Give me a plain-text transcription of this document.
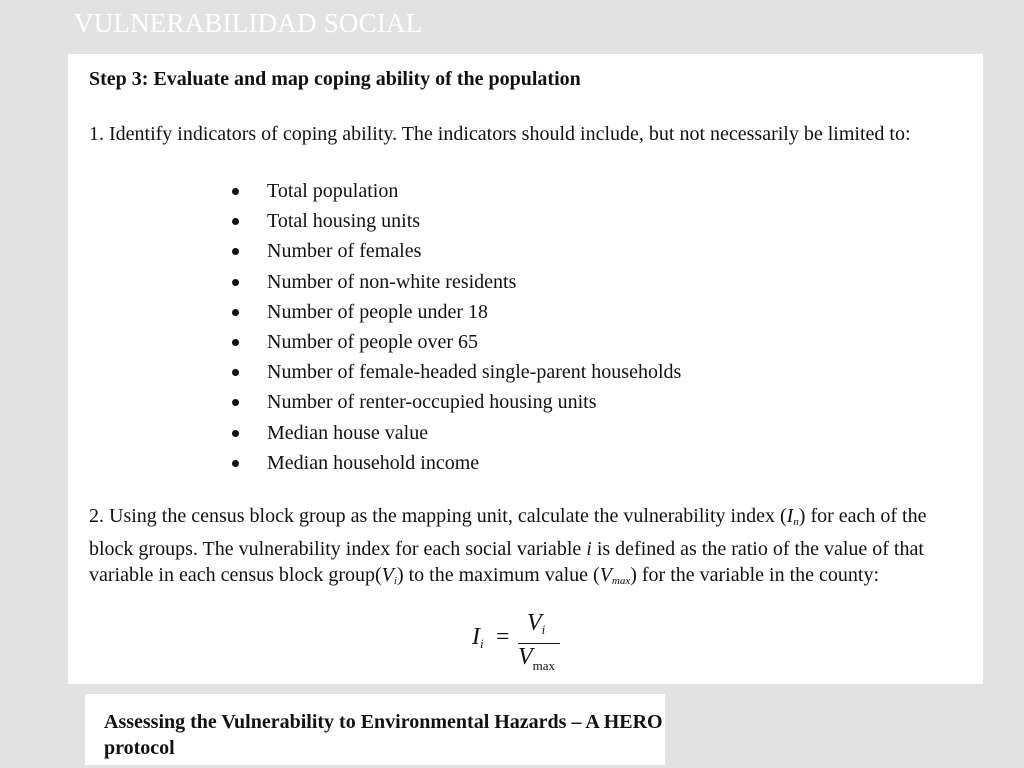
VULNERABILIDAD SOCIAL
Step 3: Evaluate and map coping ability of the population
1. Identify indicators of coping ability. The indicators should include, but not necessarily be limited to:
Total population
Total housing units
Number of females
Number of non-white residents
Number of people under 18
Number of people over 65
Number of female-headed single-parent households
Number of renter-occupied housing units
Median house value
Median household income
2. Using the census block group as the mapping unit, calculate the vulnerability index $(I_n)$ for each of the block groups. The vulnerability index for each social variable i is defined as the ratio of the value of that variable in each census block $group(V_i)$ to the maximum value $(V_{max})$ for the variable in the county:
Ii =
Vi
$V_{max}$
Assessing the Vulnerability to Environmental Hazards – A HERO protocol
